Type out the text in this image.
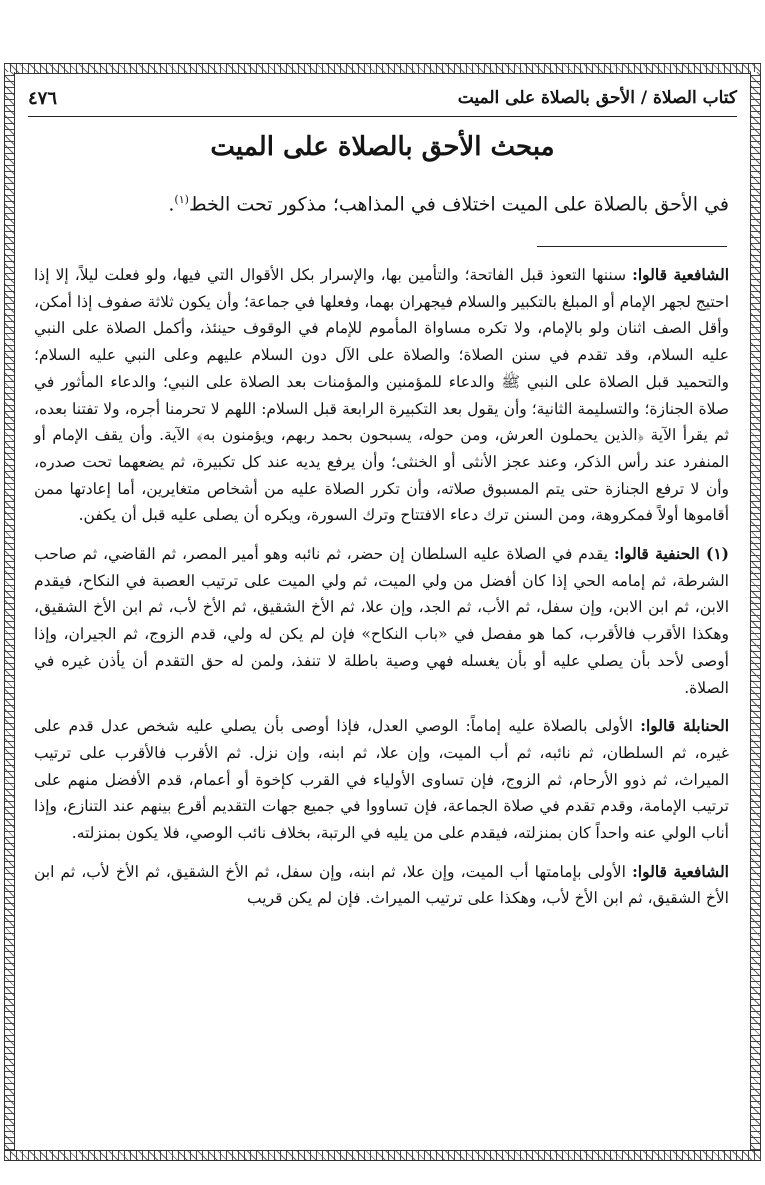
كتاب الصلاة / الأحق بالصلاة على الميت
٤٧٦
مبحث الأحق بالصلاة على الميت
في الأحق بالصلاة على الميت اختلاف في المذاهب؛ مذكور تحت الخط$^{(١)}$.

الشافعية قالوا: سننها التعوذ قبل الفاتحة؛ والتأمين بها، والإسرار بكل الأقوال التي فيها، ولو فعلت ليلاً، إلا إذا احتيج لجهر الإمام أو المبلغ بالتكبير والسلام فيجهران بهما، وفعلها في جماعة؛ وأن يكون ثلاثة صفوف إذا أمكن، وأقل الصف اثنان ولو بالإمام، ولا تكره مساواة المأموم للإمام في الوقوف حينئذ، وأكمل الصلاة على النبي عليه السلام، وقد تقدم في سنن الصلاة؛ والصلاة على الآل دون السلام عليهم وعلى النبي عليه السلام؛ والتحميد قبل الصلاة على النبي ﷺ والدعاء للمؤمنين والمؤمنات بعد الصلاة على النبي؛ والدعاء المأثور في صلاة الجنازة؛ والتسليمة الثانية؛ وأن يقول بعد التكبيرة الرابعة قبل السلام: اللهم لا تحرمنا أجره، ولا تفتنا بعده، ثم يقرأ الآية ﴿الذين يحملون العرش، ومن حوله، يسبحون بحمد ربهم، ويؤمنون به﴾ الآية. وأن يقف الإمام أو المنفرد عند رأس الذكر، وعند عجز الأنثى أو الخنثى؛ وأن يرفع يديه عند كل تكبيرة، ثم يضعهما تحت صدره، وأن لا ترفع الجنازة حتى يتم المسبوق صلاته، وأن تكرر الصلاة عليه من أشخاص متغايرين، أما إعادتها ممن أقاموها أولاً فمكروهة، ومن السنن ترك دعاء الافتتاح وترك السورة، ويكره أن يصلى عليه قبل أن يكفن.

(١) الحنفية قالوا: يقدم في الصلاة عليه السلطان إن حضر، ثم نائبه وهو أمير المصر، ثم القاضي، ثم صاحب الشرطة، ثم إمامه الحي إذا كان أفضل من ولي الميت، ثم ولي الميت على ترتيب العصبة في النكاح، فيقدم الابن، ثم ابن الابن، وإن سفل، ثم الأب، ثم الجد، وإن علا، ثم الأخ الشقيق، ثم الأخ لأب، ثم ابن الأخ الشقيق، وهكذا الأقرب فالأقرب، كما هو مفصل في «باب النكاح» فإن لم يكن له ولي، قدم الزوج، ثم الجيران، وإذا أوصى لأحد بأن يصلي عليه أو بأن يغسله فهي وصية باطلة لا تنفذ، ولمن له حق التقدم أن يأذن غيره في الصلاة.

الحنابلة قالوا: الأولى بالصلاة عليه إماماً: الوصي العدل، فإذا أوصى بأن يصلي عليه شخص عدل قدم على غيره، ثم السلطان، ثم نائبه، ثم أب الميت، وإن علا، ثم ابنه، وإن نزل. ثم الأقرب فالأقرب على ترتيب الميراث، ثم ذوو الأرحام، ثم الزوج، فإن تساوى الأولياء في القرب كإخوة أو أعمام، قدم الأفضل منهم على ترتيب الإمامة، وقدم تقدم في صلاة الجماعة، فإن تساووا في جميع جهات التقديم أقرع بينهم عند التنازع، وإذا أناب الولي عنه واحداً كان بمنزلته، فيقدم على من يليه في الرتبة، بخلاف نائب الوصي، فلا يكون بمنزلته.

الشافعية قالوا: الأولى بإمامتها أب الميت، وإن علا، ثم ابنه، وإن سفل، ثم الأخ الشقيق، ثم الأخ لأب، ثم ابن الأخ الشقيق، ثم ابن الأخ لأب، وهكذا على ترتيب الميراث. فإن لم يكن قريب
